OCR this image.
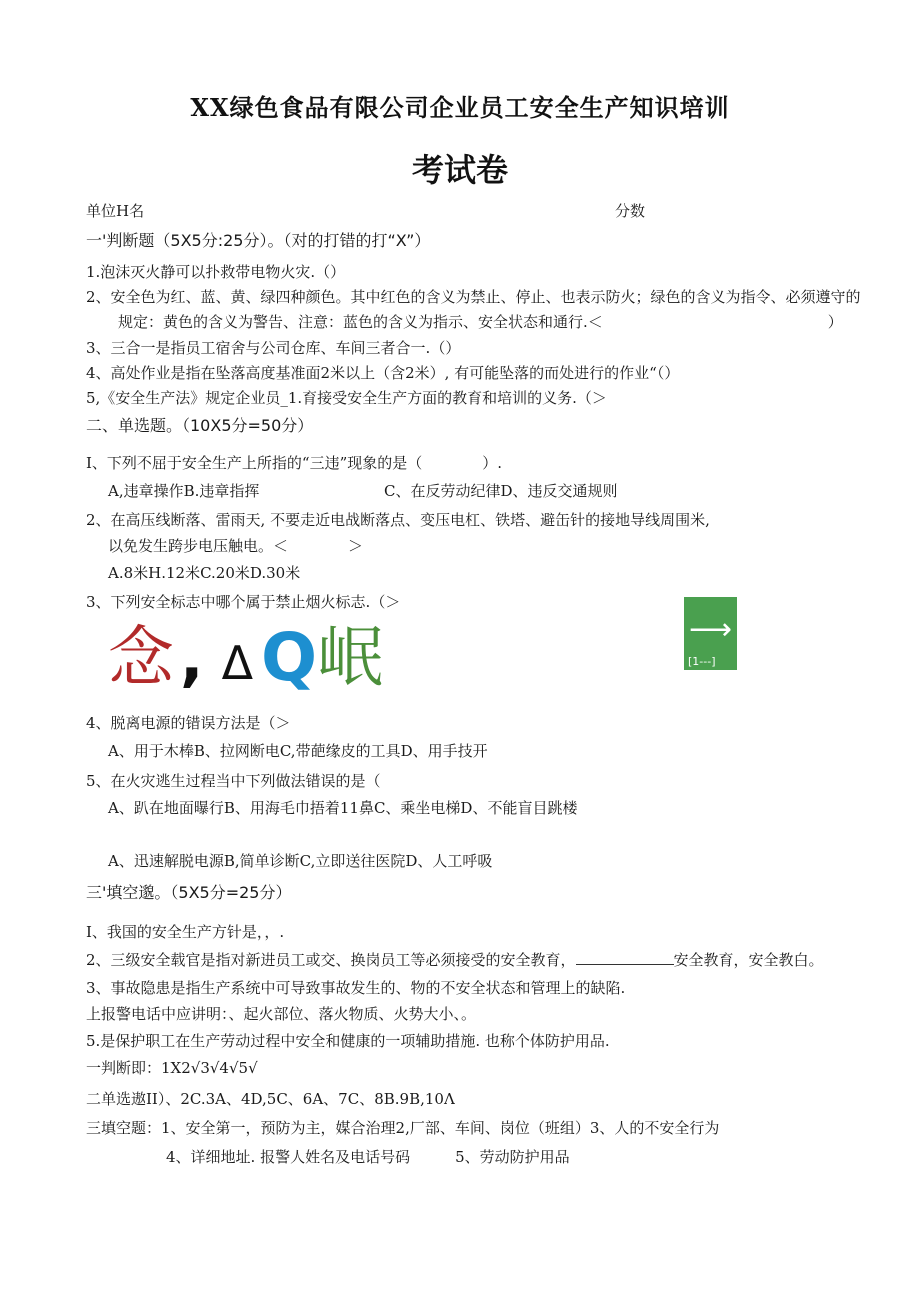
XX绿色食品有限公司企业员工安全生产知识培训
考试卷
单位H名	分数
一'判断题（5X5分:25分）。（对的打错的打“X”）
1.泡沫灭火静可以扑救带电物火灾.（）
2、安全色为红、蓝、黄、绿四种颜色。其中红色的含义为禁止、停止、也表示防火；绿色的含义为指令、必须遵守的
规定：黄色的含义为警告、注意：蓝色的含义为指示、安全状态和通行.＜　　　　　　　　　　　　　　　）
3、三合一是指员工宿舍与公司仓库、车间三者合一.（）
4、高处作业是指在坠落高度基准面2米以上（含2米）, 有可能坠落的而处进行的作业“（）
5,《安全生产法》规定企业员_1.育接受安全生产方面的教育和培训的义务.（＞
二、单选题。（10X5分=50分）
I、下列不屈于安全生产上所指的“三违”现象的是（　　　　）.
A,违章操作B.违章指挥	C、在反劳动纪律D、违反交通规则
2、在高压线断落、雷雨天, 不要走近电战断落点、变压电杠、铁塔、避缶针的接地导线周围米,
以免发生跨步电压触电。＜　　　　＞
A.8米H.12米C.20米D.30米
3、下列安全标志中哪个属于禁止烟火标志.（＞
念, Δ Q岷	⟶
[1--‑]
4、脱离电源的错误方法是（＞
A、用于木棒B、拉网断电C,带葩缘皮的工具D、用手技开
5、在火灾逃生过程当中下列做法错误的是（
A、趴在地面曝行B、用海毛巾捂着11鼻C、乘坐电梯D、不能盲目跳楼
A、迅速解脱电源B,简单诊断C,立即送往医院D、人工呼吸
三'填空邈。（5X5分=25分）
I、我国的安全生产方针是，，.
2、三级安全载官是指对新进员工或交、换岗员工等必须接受的安全教育，	安全教育，安全教白。
3、事故隐患是指生产系统中可导致事故发生的、物的不安全状态和管理上的缺陷.
上报警电话中应讲明：、起火部位、落火物质、火势大小、。
5.是保护职工在生产劳动过程中安全和健康的一项辅助措施. 也称个体防护用品.
一判断即：1X2√3√4√5√
二单选遨II）、2C.3A、4D,5C、6A、7C、8B.9B,10Λ
三填空题：1、安全第一，预防为主，媒合治理2,厂部、车间、岗位（班组）3、人的不安全行为
4、详细地址. 报警人姓名及电话号码　　　5、劳动防护用品
